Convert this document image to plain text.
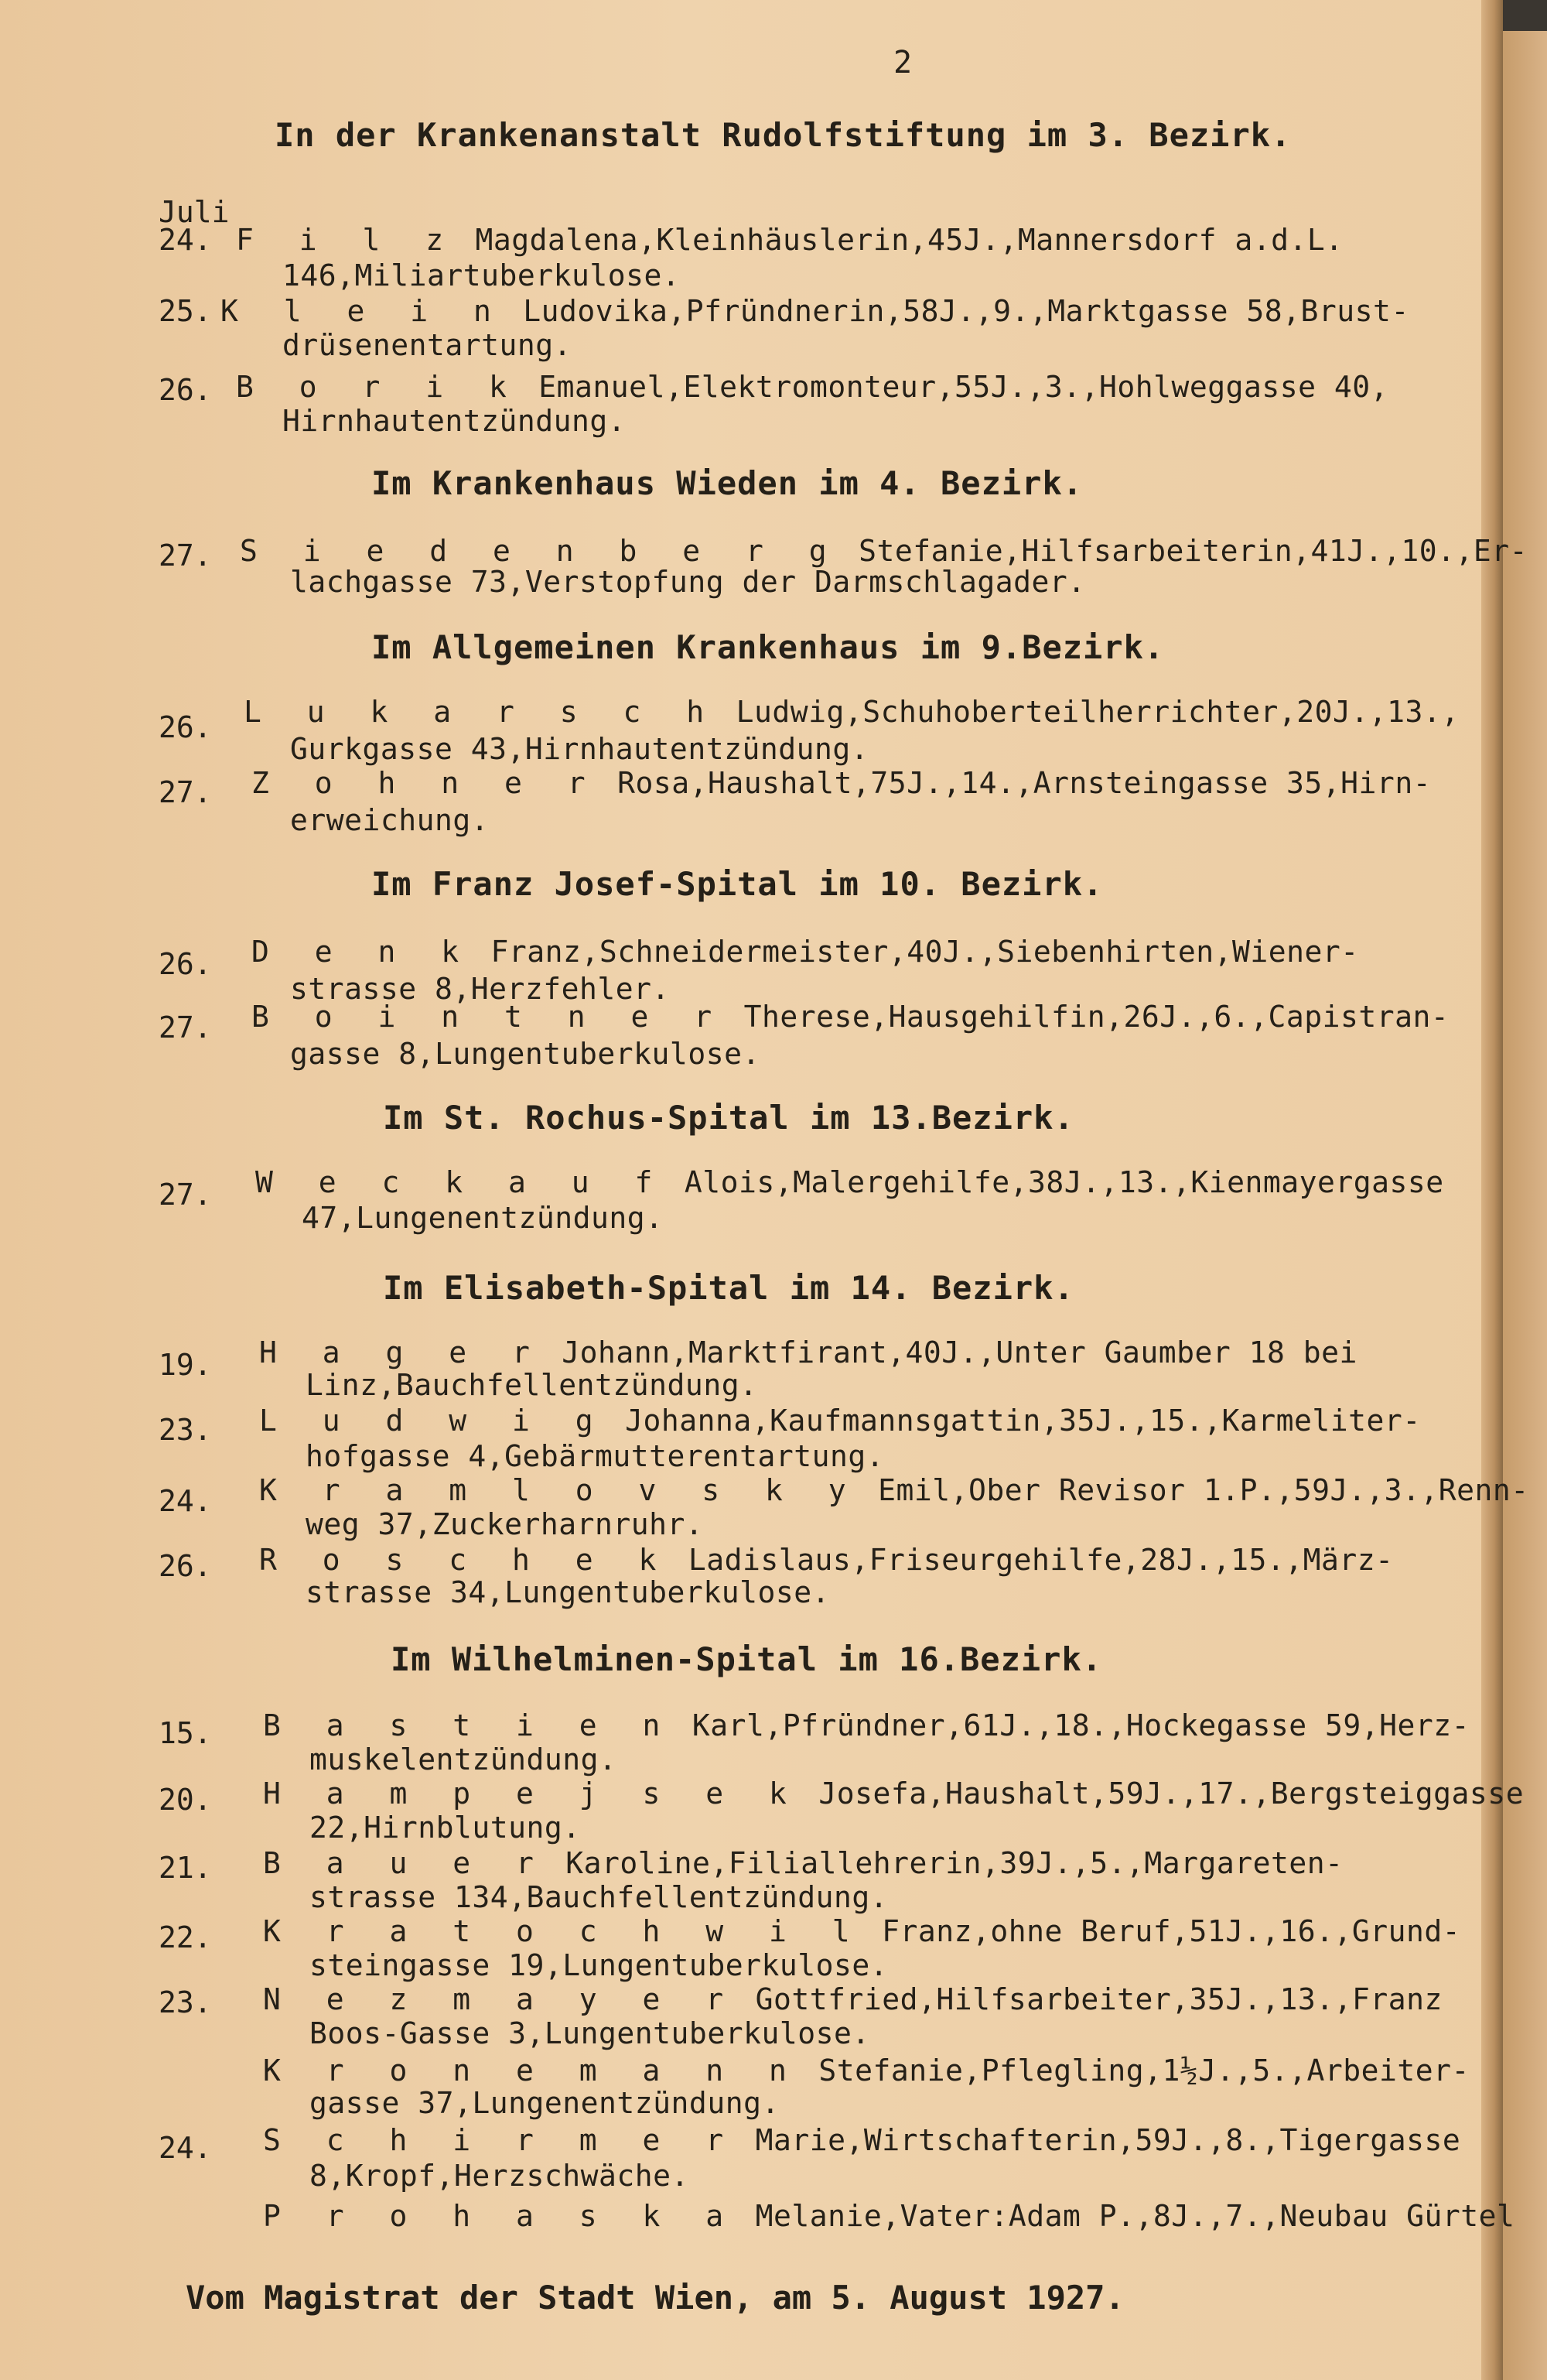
2
In der Krankenanstalt Rudolfstiftung im 3. Bezirk.
Juli
24. F i l z Magdalena,Kleinhäuslerin,45J.,Mannersdorf a.d.L.
146,Miliartuberkulose.
25. K l e i n Ludovika,Pfründnerin,58J.,9.,Marktgasse 58,Brust-
drüsenentartung.
26. B o r i k Emanuel,Elektromonteur,55J.,3.,Hohlweggasse 40,
Hirnhautentzündung.
Im Krankenhaus Wieden im 4. Bezirk.
27. S i e d e n b e r g Stefanie,Hilfsarbeiterin,41J.,10.,Er-
lachgasse 73,Verstopfung der Darmschlagader.
Im Allgemeinen Krankenhaus im 9.Bezirk.
26. L u k a r s c h Ludwig,Schuhoberteilherrichter,20J.,13.,
Gurkgasse 43,Hirnhautentzündung.
27. Z o h n e r Rosa,Haushalt,75J.,14.,Arnsteingasse 35,Hirn-
erweichung.
Im Franz Josef-Spital im 10. Bezirk.
26. D e n k Franz,Schneidermeister,40J.,Siebenhirten,Wiener-
strasse 8,Herzfehler.
27. B o i n t n e r Therese,Hausgehilfin,26J.,6.,Capistran-
gasse 8,Lungentuberkulose.
Im St. Rochus-Spital im 13.Bezirk.
27. W e c k a u f Alois,Malergehilfe,38J.,13.,Kienmayergasse
47,Lungenentzündung.
Im Elisabeth-Spital im 14. Bezirk.
19. H a g e r Johann,Marktfirant,40J.,Unter Gaumber 18 bei
Linz,Bauchfellentzündung.
23. L u d w i g Johanna,Kaufmannsgattin,35J.,15.,Karmeliter-
hofgasse 4,Gebärmutterentartung.
24. K r a m l o v s k y Emil,Ober Revisor 1.P.,59J.,3.,Renn-
weg 37,Zuckerharnruhr.
26. R o s c h e k Ladislaus,Friseurgehilfe,28J.,15.,März-
strasse 34,Lungentuberkulose.
Im Wilhelminen-Spital im 16.Bezirk.
15. B a s t i e n Karl,Pfründner,61J.,18.,Hockegasse 59,Herz-
muskelentzündung.
20. H a m p e j s e k Josefa,Haushalt,59J.,17.,Bergsteiggasse
22,Hirnblutung.
21. B a u e r Karoline,Filiallehrerin,39J.,5.,Margareten-
strasse 134,Bauchfellentzündung.
22. K r a t o c h w i l Franz,ohne Beruf,51J.,16.,Grund-
steingasse 19,Lungentuberkulose.
23. N e z m a y e r Gottfried,Hilfsarbeiter,35J.,13.,Franz
Boos-Gasse 3,Lungentuberkulose.
K r o n e m a n n Stefanie,Pflegling,1½J.,5.,Arbeiter-
gasse 37,Lungenentzündung.
24. S c h i r m e r Marie,Wirtschafterin,59J.,8.,Tigergasse
8,Kropf,Herzschwäche.
P r o h a s k a Melanie,Vater:Adam P.,8J.,7.,Neubau Gürtel
Vom Magistrat der Stadt Wien, am 5. August 1927.
